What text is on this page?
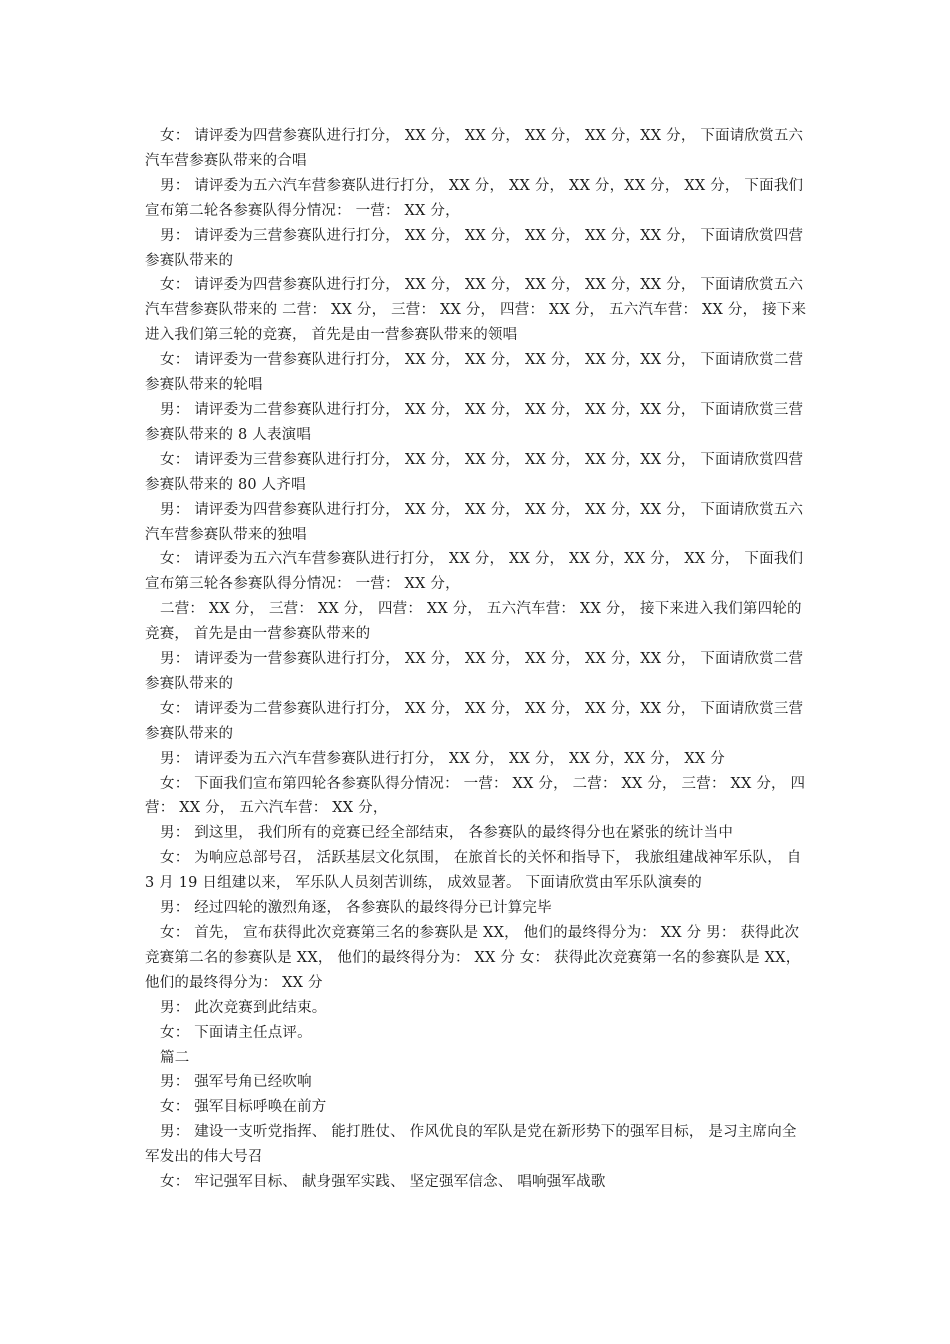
女： 请评委为四营参赛队进行打分， XX 分， XX 分， XX 分， XX 分，XX 分， 下面请欣赏五六汽车营参赛队带来的合唱

男： 请评委为五六汽车营参赛队进行打分， XX 分， XX 分， XX 分，XX 分， XX 分， 下面我们宣布第二轮各参赛队得分情况： 一营： XX 分，

男： 请评委为三营参赛队进行打分， XX 分， XX 分， XX 分， XX 分，XX 分， 下面请欣赏四营参赛队带来的

女： 请评委为四营参赛队进行打分， XX 分， XX 分， XX 分， XX 分，XX 分， 下面请欣赏五六汽车营参赛队带来的 二营： XX 分， 三营： XX 分， 四营： XX 分， 五六汽车营： XX 分， 接下来进入我们第三轮的竞赛， 首先是由一营参赛队带来的领唱

女： 请评委为一营参赛队进行打分， XX 分， XX 分， XX 分， XX 分，XX 分， 下面请欣赏二营参赛队带来的轮唱

男： 请评委为二营参赛队进行打分， XX 分， XX 分， XX 分， XX 分，XX 分， 下面请欣赏三营参赛队带来的 8 人表演唱

女： 请评委为三营参赛队进行打分， XX 分， XX 分， XX 分， XX 分，XX 分， 下面请欣赏四营参赛队带来的 80 人齐唱

男： 请评委为四营参赛队进行打分， XX 分， XX 分， XX 分， XX 分，XX 分， 下面请欣赏五六汽车营参赛队带来的独唱

女： 请评委为五六汽车营参赛队进行打分， XX 分， XX 分， XX 分，XX 分， XX 分， 下面我们宣布第三轮各参赛队得分情况： 一营： XX 分，

二营： XX 分， 三营： XX 分， 四营： XX 分， 五六汽车营： XX 分， 接下来进入我们第四轮的竞赛， 首先是由一营参赛队带来的

男： 请评委为一营参赛队进行打分， XX 分， XX 分， XX 分， XX 分，XX 分， 下面请欣赏二营参赛队带来的

女： 请评委为二营参赛队进行打分， XX 分， XX 分， XX 分， XX 分，XX 分， 下面请欣赏三营参赛队带来的

男： 请评委为五六汽车营参赛队进行打分， XX 分， XX 分， XX 分，XX 分， XX 分

女： 下面我们宣布第四轮各参赛队得分情况： 一营： XX 分， 二营： XX 分， 三营： XX 分， 四营： XX 分， 五六汽车营： XX 分，

男： 到这里， 我们所有的竞赛已经全部结束， 各参赛队的最终得分也在紧张的统计当中

女： 为响应总部号召， 活跃基层文化氛围， 在旅首长的关怀和指导下， 我旅组建战神军乐队， 自 3 月 19 日组建以来， 军乐队人员刻苦训练， 成效显著。 下面请欣赏由军乐队演奏的

男： 经过四轮的激烈角逐， 各参赛队的最终得分已计算完毕

女： 首先， 宣布获得此次竞赛第三名的参赛队是 XX， 他们的最终得分为： XX 分 男： 获得此次竞赛第二名的参赛队是 XX， 他们的最终得分为： XX 分 女： 获得此次竞赛第一名的参赛队是 XX， 他们的最终得分为： XX 分

男： 此次竞赛到此结束。

女： 下面请主任点评。

篇二

男： 强军号角已经吹响

女： 强军目标呼唤在前方

男： 建设一支听党指挥、 能打胜仗、 作风优良的军队是党在新形势下的强军目标， 是习主席向全军发出的伟大号召

女： 牢记强军目标、 献身强军实践、 坚定强军信念、 唱响强军战歌
